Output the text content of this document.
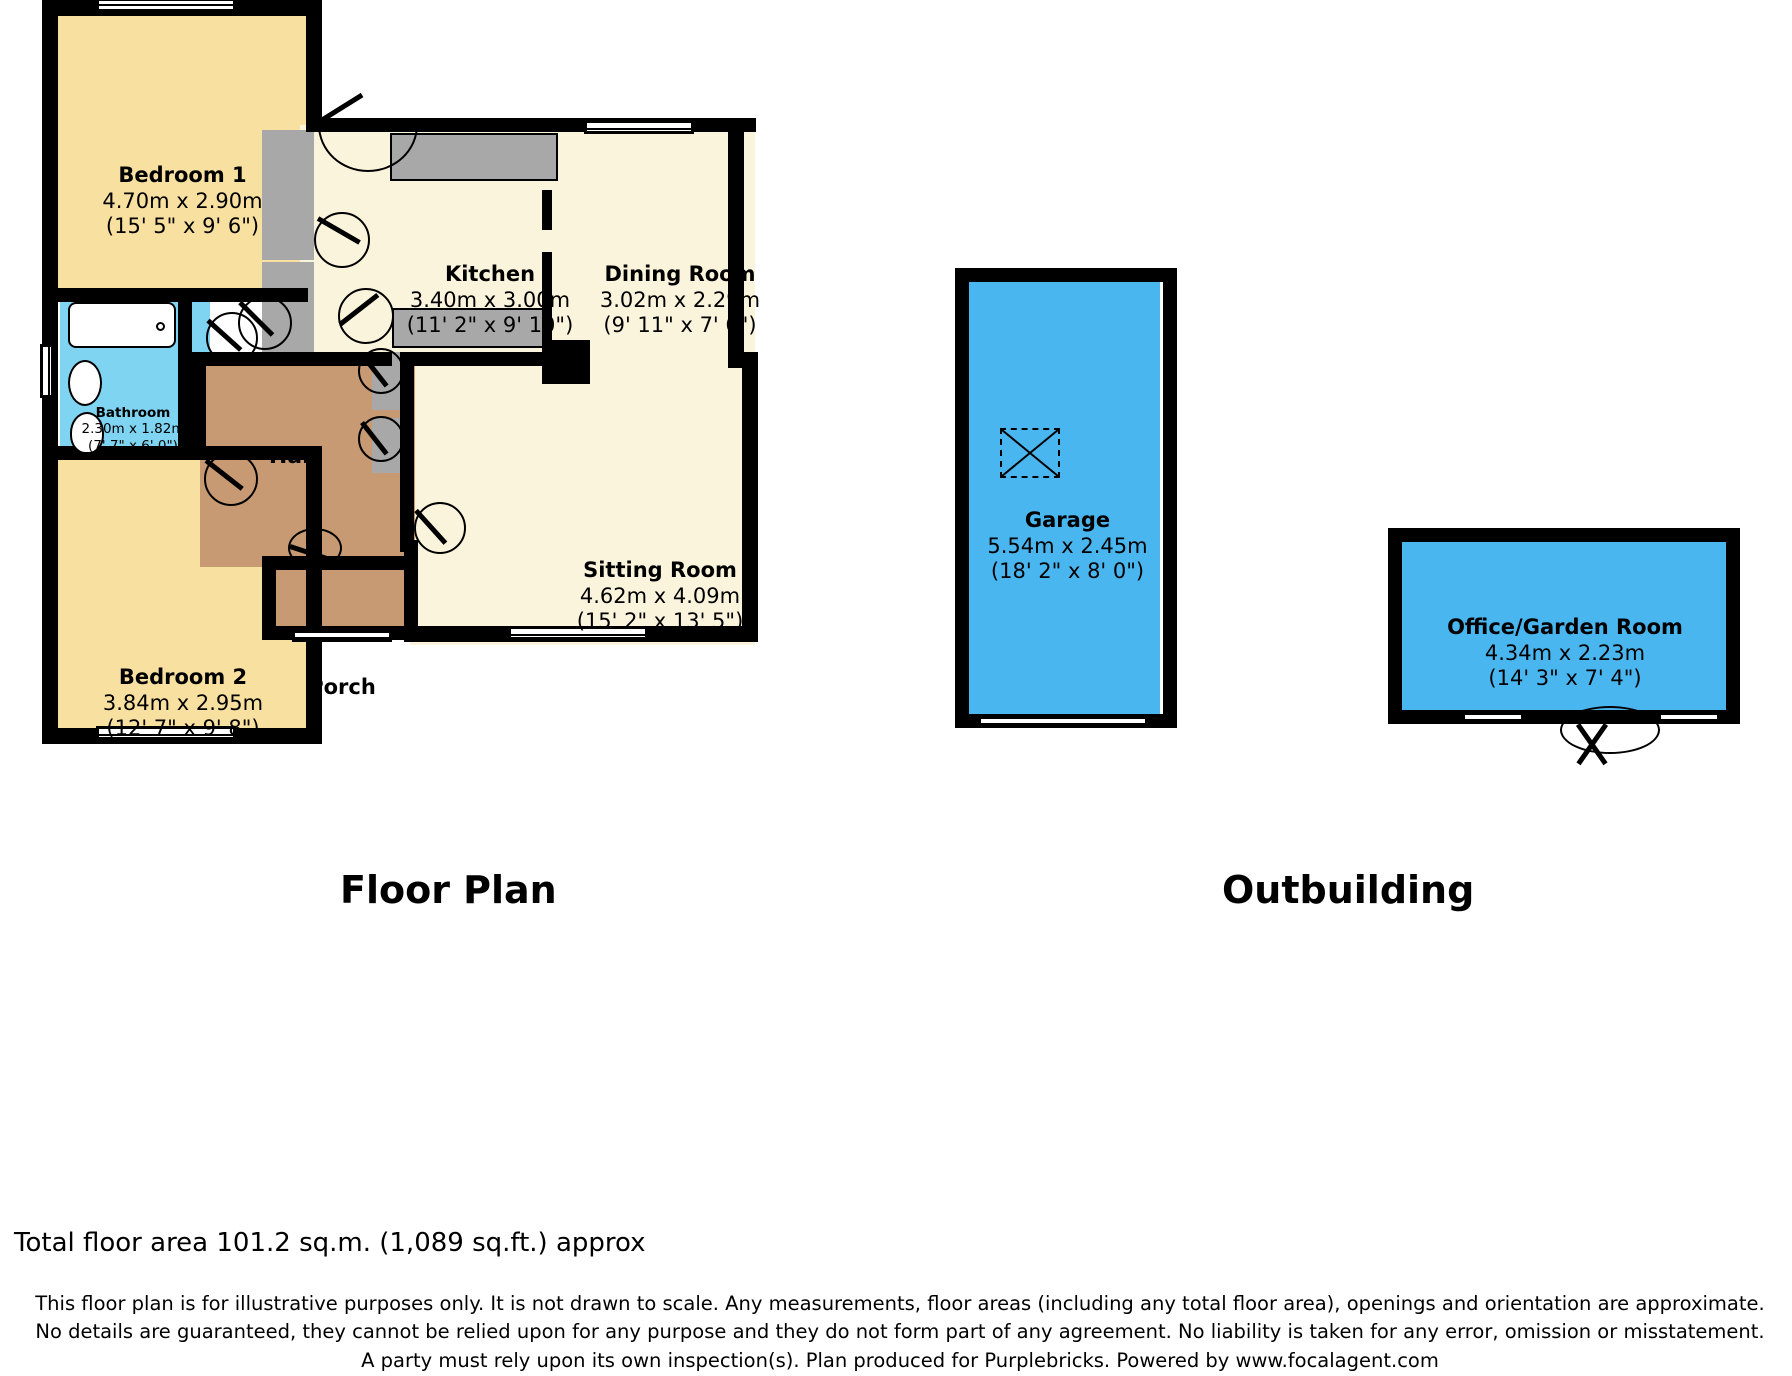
Bedroom 1
4.70m x 2.90m
(15' 5" x 9' 6")
Bedroom 2
3.84m x 2.95m
(12' 7" x 9' 8")
Bathroom
2.30m x 1.82m
(7' 7" x 6' 0")
Kitchen
3.40m x 3.00m
(11' 2" x 9' 10")
Dining Room
3.02m x 2.29m
(9' 11" x 7' 6")
Sitting Room
4.62m x 4.09m
(15' 2" x 13' 5")
Hall
Porch
Floor Plan
Garage
5.54m x 2.45m
(18' 2" x 8' 0")
Office/Garden Room
4.34m x 2.23m
(14' 3" x 7' 4")
Outbuilding
Total floor area 101.2 sq.m. (1,089 sq.ft.) approx
This floor plan is for illustrative purposes only. It is not drawn to scale. Any measurements, floor areas (including any total floor area), openings and orientation are approximate. No details are guaranteed, they cannot be relied upon for any purpose and they do not form part of any agreement. No liability is taken for any error, omission or misstatement. A party must rely upon its own inspection(s). Plan produced for Purplebricks. Powered by www.focalagent.com
